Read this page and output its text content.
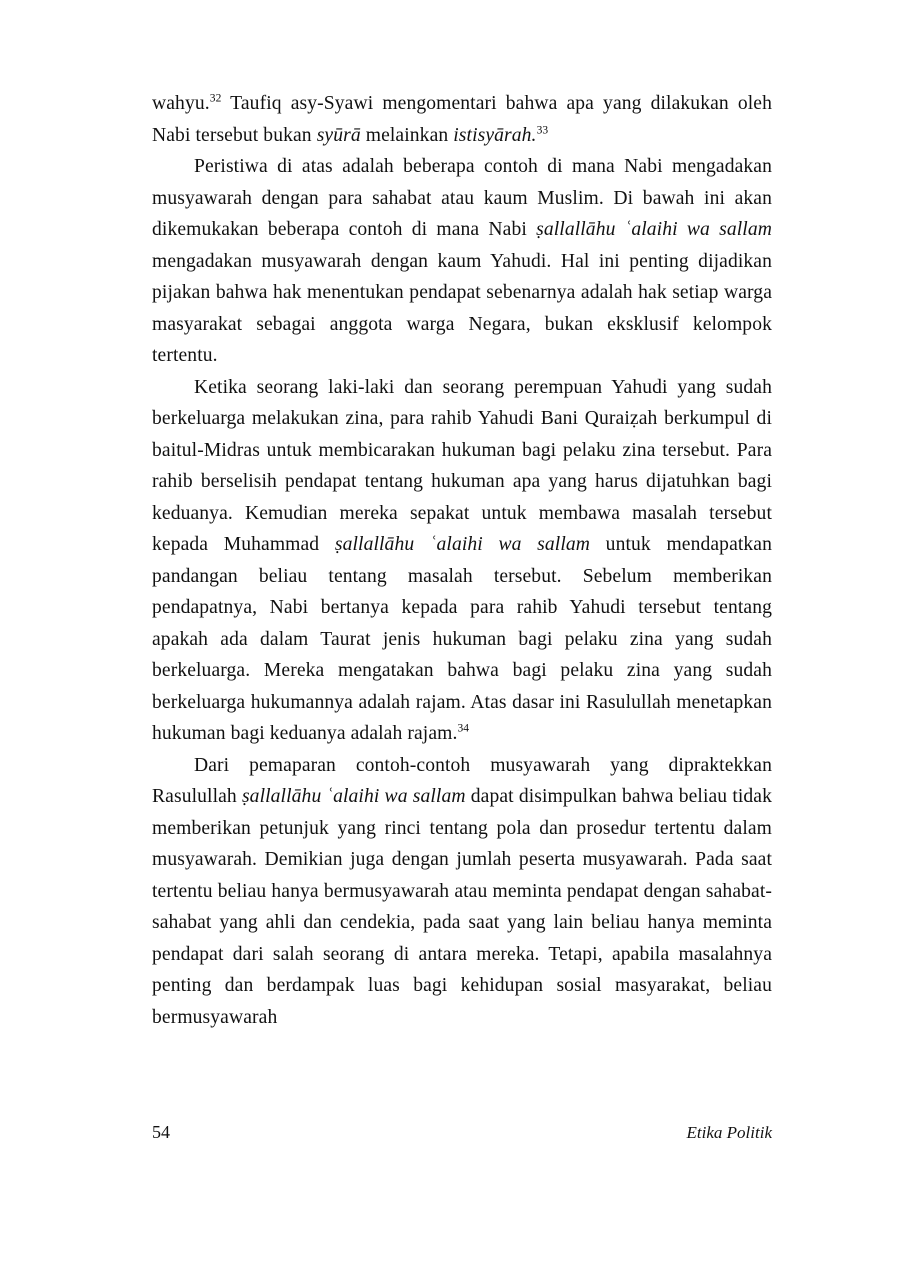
wahyu.$^{32}$ Taufiq asy-Syawi mengomentari bahwa apa yang dilakukan oleh Nabi tersebut bukan syūrā melainkan istisyārah.$^{33}$

Peristiwa di atas adalah beberapa contoh di mana Nabi mengadakan musyawarah dengan para sahabat atau kaum Muslim. Di bawah ini akan dikemukakan beberapa contoh di mana Nabi ṣallallāhu ʿalaihi wa sallam mengadakan musyawarah dengan kaum Yahudi. Hal ini penting dijadikan pijakan bahwa hak menentukan pendapat sebenarnya adalah hak setiap warga masyarakat sebagai anggota warga Negara, bukan eksklusif kelompok tertentu.

Ketika seorang laki-laki dan seorang perempuan Yahudi yang sudah berkeluarga melakukan zina, para rahib Yahudi Bani Quraiẓah berkumpul di baitul-Midras untuk membicarakan hukuman bagi pelaku zina tersebut. Para rahib berselisih pendapat tentang hukuman apa yang harus dijatuhkan bagi keduanya. Kemudian mereka sepakat untuk membawa masalah tersebut kepada Muhammad ṣallallāhu ʿalaihi wa sallam untuk mendapatkan pandangan beliau tentang masalah tersebut. Sebelum memberikan pendapatnya, Nabi bertanya kepada para rahib Yahudi tersebut tentang apakah ada dalam Taurat jenis hukuman bagi pelaku zina yang sudah berkeluarga. Mereka mengatakan bahwa bagi pelaku zina yang sudah berkeluarga hukumannya adalah rajam. Atas dasar ini Rasulullah menetapkan hukuman bagi keduanya adalah rajam.$^{34}$

Dari pemaparan contoh-contoh musyawarah yang dipraktekkan Rasulullah ṣallallāhu ʿalaihi wa sallam dapat disimpulkan bahwa beliau tidak memberikan petunjuk yang rinci tentang pola dan prosedur tertentu dalam musyawarah. Demikian juga dengan jumlah peserta musyawarah. Pada saat tertentu beliau hanya bermusyawarah atau meminta pendapat dengan sahabat-sahabat yang ahli dan cendekia, pada saat yang lain beliau hanya meminta pendapat dari salah seorang di antara mereka. Tetapi, apabila masalahnya penting dan berdampak luas bagi kehidupan sosial masyarakat, beliau bermusyawarah

54	Etika Politik
